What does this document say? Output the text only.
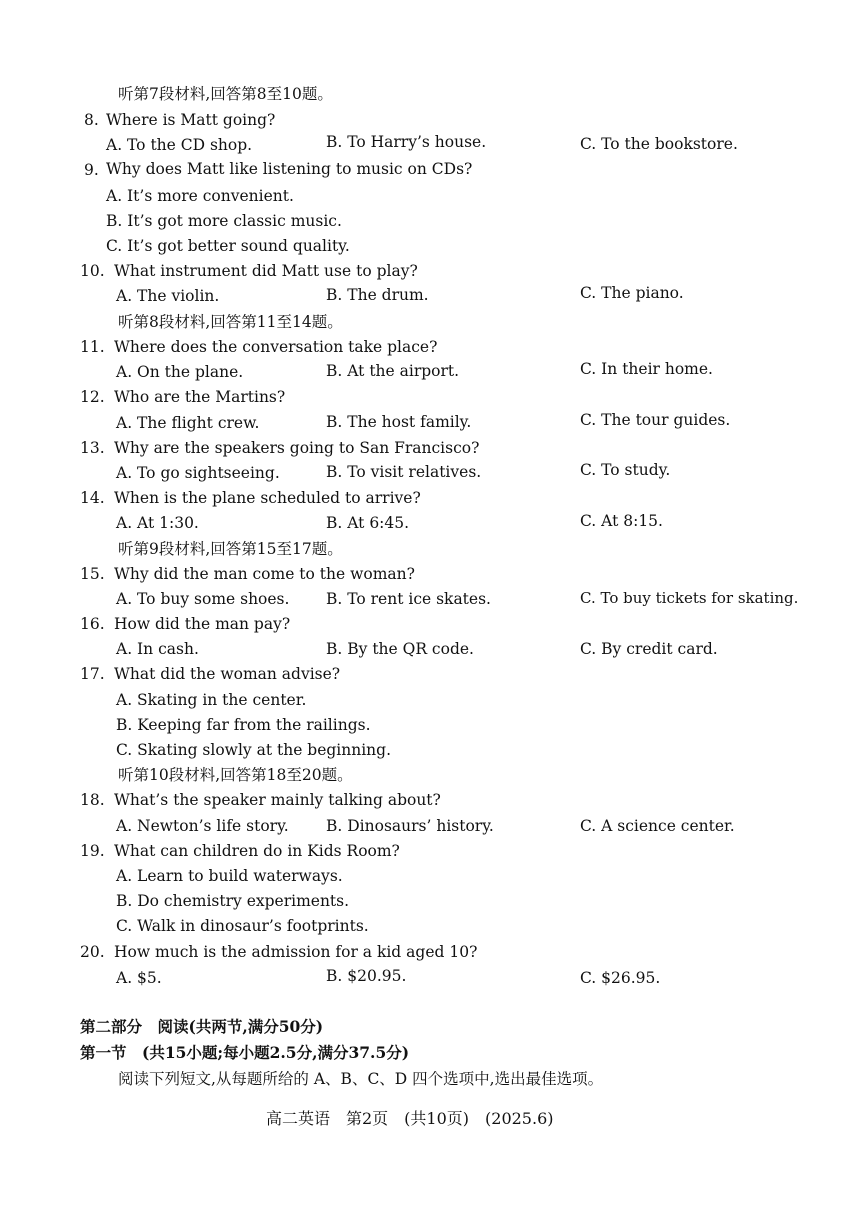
听第7段材料,回答第8至10题。
8. Where is Matt going?
A. To the CD shop.	B. To Harry’s house.	C. To the bookstore.
9. Why does Matt like listening to music on CDs?
A. It’s more convenient.
B. It’s got more classic music.
C. It’s got better sound quality.
10. What instrument did Matt use to play?
A. The violin.	B. The drum.	C. The piano.
听第8段材料,回答第11至14题。
11. Where does the conversation take place?
A. On the plane.	B. At the airport.	C. In their home.
12. Who are the Martins?
A. The flight crew.	B. The host family.	C. The tour guides.
13. Why are the speakers going to San Francisco?
A. To go sightseeing.	B. To visit relatives.	C. To study.
14. When is the plane scheduled to arrive?
A. At 1:30.	B. At 6:45.	C. At 8:15.
听第9段材料,回答第15至17题。
15. Why did the man come to the woman?
A. To buy some shoes. B. To rent ice skates.	C. To buy tickets for skating.
16. How did the man pay?
A. In cash.	B. By the QR code.	C. By credit card.
17. What did the woman advise?
A. Skating in the center.
B. Keeping far from the railings.
C. Skating slowly at the beginning.
听第10段材料,回答第18至20题。
18. What’s the speaker mainly talking about?
A. Newton’s life story. B. Dinosaurs’ history.	C. A science center.
19. What can children do in Kids Room?
A. Learn to build waterways.
B. Do chemistry experiments.
C. Walk in dinosaur’s footprints.
20. How much is the admission for a kid aged 10?
A. $5.	B. $20.95.	C. $26.95.
第二部分　阅读(共两节,满分50分)
第一节　(共15小题;每小题2.5分,满分37.5分)
阅读下列短文,从每题所给的 A、B、C、D 四个选项中,选出最佳选项。
高二英语　第2页　(共10页)　(2025.6)
